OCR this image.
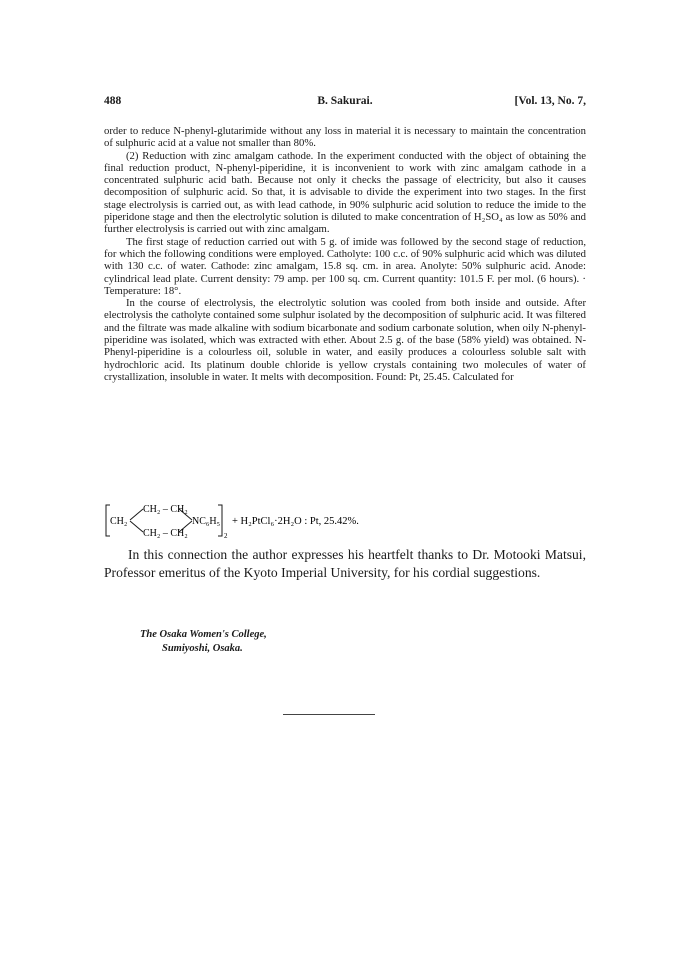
488	B. Sakurai.	[Vol. 13, No. 7,

order to reduce N-phenyl-glutarimide without any loss in material it is necessary to maintain the concentration of sulphuric acid at a value not smaller than 80%.

(2) Reduction with zinc amalgam cathode. In the experiment conducted with the object of obtaining the final reduction product, N-phenyl-piperidine, it is inconvenient to work with zinc amalgam cathode in a concentrated sulphuric acid bath. Because not only it checks the passage of electricity, but also it causes decomposition of sulphuric acid. So that, it is advisable to divide the experiment into two stages. In the first stage electrolysis is carried out, as with lead cathode, in 90% sulphuric acid solution to reduce the imide to the piperidone stage and then the electrolytic solution is diluted to make concentration of H₂SO₄ as low as 50% and further electrolysis is carried out with zinc amalgam.

The first stage of reduction carried out with 5 g. of imide was followed by the second stage of reduction, for which the following conditions were employed. Catholyte: 100 c.c. of 90% sulphuric acid which was diluted with 130 c.c. of water. Cathode: zinc amalgam, 15.8 sq. cm. in area. Anolyte: 50% sulphuric acid. Anode: cylindrical lead plate. Current density: 79 amp. per 100 sq. cm. Current quantity: 101.5 F. per mol. (6 hours). · Temperature: 18°.

In the course of electrolysis, the electrolytic solution was cooled from both inside and outside. After electrolysis the catholyte contained some sulphur isolated by the decomposition of sulphuric acid. It was filtered and the filtrate was made alkaline with sodium bicarbonate and sodium carbonate solution, when oily N-phenyl-piperidine was isolated, which was extracted with ether. About 2.5 g. of the base (58% yield) was obtained. N-Phenyl-piperidine is a colourless oil, soluble in water, and easily produces a colourless soluble salt with hydrochloric acid. Its platinum double chloride is yellow crystals containing two molecules of water of crystallization, insoluble in water. It melts with decomposition. Found: Pt, 25.45. Calculated for

CH₂ – CH₂
CH₂	NC₆H₅
CH₂ – CH₂	2
+ H₂PtCl₆·2H₂O : Pt, 25.42%.

In this connection the author expresses his heartfelt thanks to Dr. Motooki Matsui, Professor emeritus of the Kyoto Imperial University, for his cordial suggestions.

The Osaka Women's College,
Sumiyoshi, Osaka.
